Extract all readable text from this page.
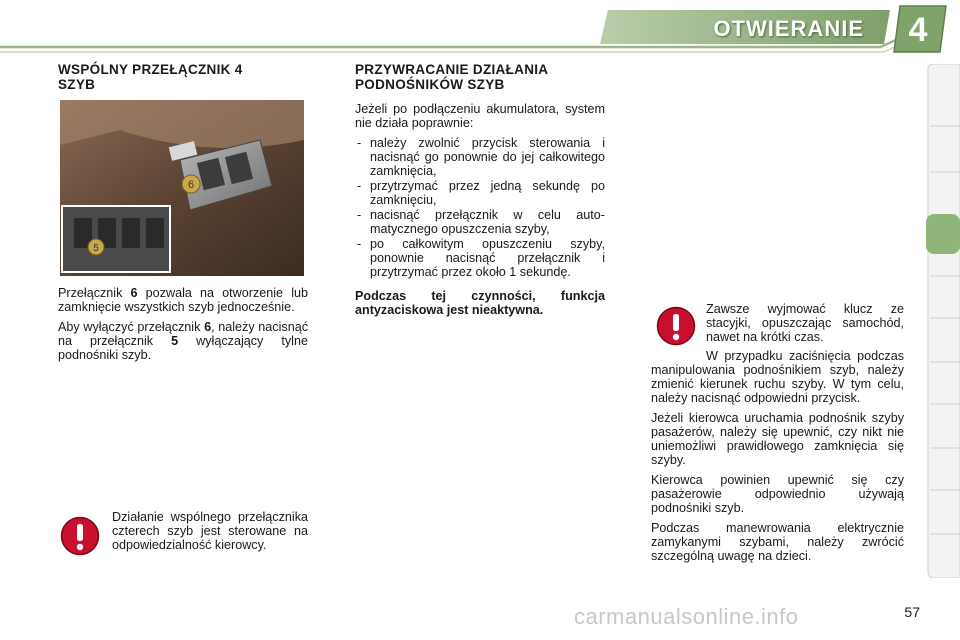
OTWIERANIE	4
WSPÓLNY PRZEŁĄCZNIK 4
SZYB
6
5

Przełącznik 6 pozwala na otworzenie lub zamknięcie wszystkich szyb jednocześnie.

Aby wyłączyć przełącznik 6, należy nacisnąć na przełącznik 5 wyłączający tylne podnośniki szyb.

Działanie wspólnego przełącznika czterech szyb jest sterowane na odpowiedzialność kierowcy.

PRZYWRACANIE DZIAŁANIA
PODNOŚNIKÓW SZYB

Jeżeli po podłączeniu akumulatora, system nie działa poprawnie:

- należy zwolnić przycisk sterowania i nacisnąć go ponownie do jej całkowitego zamknięcia,
- przytrzymać przez jedną sekundę po zamknięciu,
- nacisnąć przełącznik w celu automatycznego opuszczenia szyby,
- po całkowitym opuszczeniu szyby, ponownie nacisnąć przełącznik i przytrzymać przez około 1 sekundę.

Podczas tej czynności, funkcja antyzaciskowa jest nieaktywna.	Zawsze wyjmować klucz ze stacyjki, opuszczając samochód, nawet na krótki czas.

W przypadku zaciśnięcia podczas manipulowania podnośnikiem szyb, należy zmienić kierunek ruchu szyby. W tym celu, należy nacisnąć odpowiedni przycisk.

Jeżeli kierowca uruchamia podnośnik szyby pasażerów, należy się upewnić, czy nikt nie uniemożliwi prawidłowego zamknięcia się szyby.

Kierowca powinien upewnić się czy pasażerowie odpowiednio używają podnośniki szyb.

Podczas manewrowania elektrycznie zamykanymi szybami, należy zwrócić szczególną uwagę na dzieci.

carmanualsonline.info	57
